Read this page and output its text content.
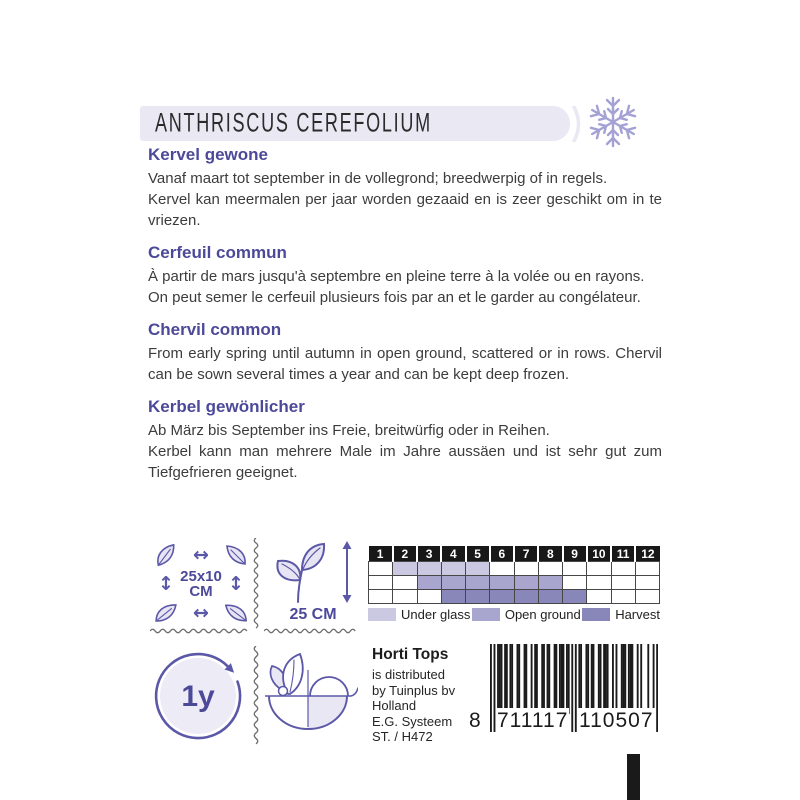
ANTHRISCUS CEREFOLIUM
Kervel gewone

Vanaf maart tot september in de vollegrond; breedwerpig of in regels.

Kervel kan meermalen per jaar worden gezaaid en is zeer geschikt om in te vriezen.

Cerfeuil commun

À partir de mars jusqu'à septembre en pleine terre à la volée ou en rayons.

On peut semer le cerfeuil plusieurs fois par an et le garder au congélateur.

Chervil common

From early spring until autumn in open ground, scattered or in rows. Chervil can be sown several times a year and can be kept deep frozen.

Kerbel gewönlicher

Ab März bis September ins Freie, breitwürfig oder in Reihen.

Kerbel kann man mehrere Male im Jahre aussäen und ist sehr gut zum Tiefgefrieren geeignet.

↔
↕ 25x10
CM ↕
↔	25 CM
1	2	3	4	5	6	7	8	9	10	11	12

Under glass	Open ground	Harvest
1y
Horti Tops
is distributed
by Tuinplus bv
Holland
E.G. Systeem
ST. / H472
8 711117 110507
